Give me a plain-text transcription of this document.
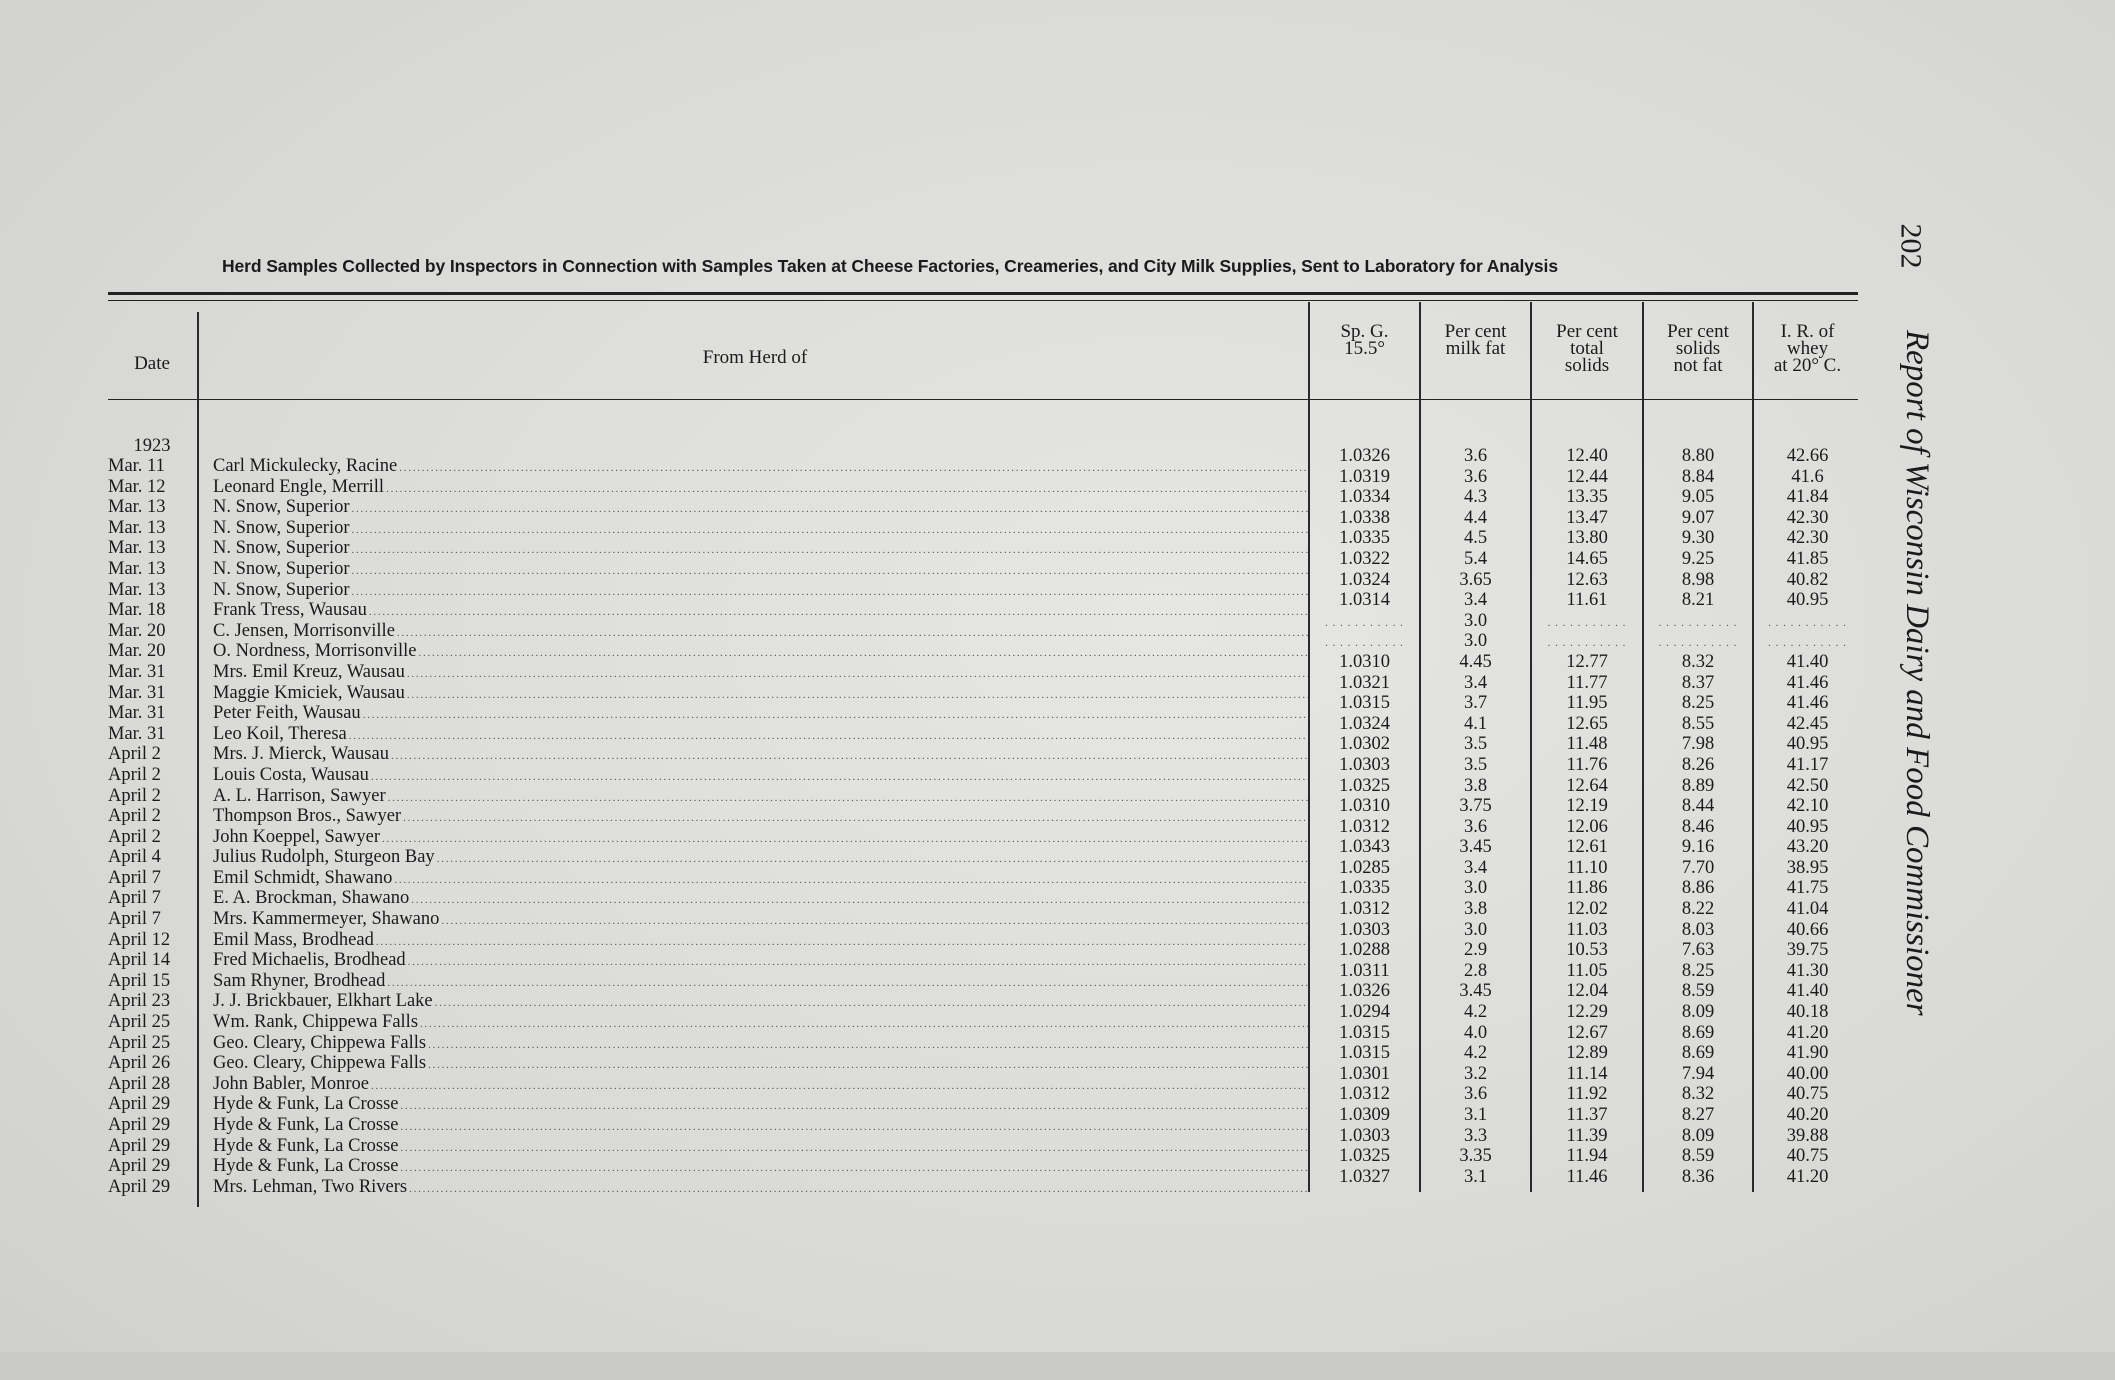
Herd Samples Collected by Inspectors in Connection with Samples Taken at Cheese Factories, Creameries, and City Milk Supplies, Sent to Laboratory for Analysis
Date	From Herd of
Sp. G.
15.5°
Per cent
milk fat
Per cent
total
solids
Per cent
solids
not fat
I. R. of
whey
at 20° C.
1923
Mar. 11
Mar. 12
Mar. 13
Mar. 13
Mar. 13
Mar. 13
Mar. 13
Mar. 18
Mar. 20
Mar. 20
Mar. 31
Mar. 31
Mar. 31
Mar. 31
April 2
April 2
April 2
April 2
April 2
April 4
April 7
April 7
April 7
April 12
April 14
April 15
April 23
April 25
April 25
April 26
April 28
April 29
April 29
April 29
April 29
April 29
Carl Mickulecky, Racine . . .
Leonard Engle, Merrill . . .
N. Snow, Superior . . .
N. Snow, Superior . . .
N. Snow, Superior . . .
N. Snow, Superior . . .
N. Snow, Superior . . .
Frank Tress, Wausau . . .
C. Jensen, Morrisonville . . .
O. Nordness, Morrisonville . . .
Mrs. Emil Kreuz, Wausau . . .
Maggie Kmiciek, Wausau . . .
Peter Feith, Wausau . . .
Leo Koil, Theresa . . .
Mrs. J. Mierck, Wausau . . .
Louis Costa, Wausau . . .
A. L. Harrison, Sawyer . . .
Thompson Bros., Sawyer . . .
John Koeppel, Sawyer . . .
Julius Rudolph, Sturgeon Bay . . .
Emil Schmidt, Shawano . . .
E. A. Brockman, Shawano . . .
Mrs. Kammermeyer, Shawano . . .
Emil Mass, Brodhead . . .
Fred Michaelis, Brodhead . . .
Sam Rhyner, Brodhead . . .
J. J. Brickbauer, Elkhart Lake . . .
Wm. Rank, Chippewa Falls . . .
Geo. Cleary, Chippewa Falls . . .
Geo. Cleary, Chippewa Falls . . .
John Babler, Monroe . . .
Hyde & Funk, La Crosse . . .
Hyde & Funk, La Crosse . . .
Hyde & Funk, La Crosse . . .
Hyde & Funk, La Crosse . . .
Mrs. Lehman, Two Rivers . . .
1.0326
1.0319
1.0334
1.0338
1.0335
1.0322
1.0324
1.0314
. . . . . . . . . . .
. . . . . . . . . . .
1.0310
1.0321
1.0315
1.0324
1.0302
1.0303
1.0325
1.0310
1.0312
1.0343
1.0285
1.0335
1.0312
1.0303
1.0288
1.0311
1.0326
1.0294
1.0315
1.0315
1.0301
1.0312
1.0309
1.0303
1.0325
1.0327
3.6
3.6
4.3
4.4
4.5
5.4
3.65
3.4
3.0
3.0
4.45
3.4
3.7
4.1
3.5
3.5
3.8
3.75
3.6
3.45
3.4
3.0
3.8
3.0
2.9
2.8
3.45
4.2
4.0
4.2
3.2
3.6
3.1
3.3
3.35
3.1
12.40
12.44
13.35
13.47
13.80
14.65
12.63
11.61
. . . . . . . . . . .
. . . . . . . . . . .
12.77
11.77
11.95
12.65
11.48
11.76
12.64
12.19
12.06
12.61
11.10
11.86
12.02
11.03
10.53
11.05
12.04
12.29
12.67
12.89
11.14
11.92
11.37
11.39
11.94
11.46
8.80
8.84
9.05
9.07
9.30
9.25
8.98
8.21
. . . . . . . . . . .
. . . . . . . . . . .
8.32
8.37
8.25
8.55
7.98
8.26
8.89
8.44
8.46
9.16
7.70
8.86
8.22
8.03
7.63
8.25
8.59
8.09
8.69
8.69
7.94
8.32
8.27
8.09
8.59
8.36
42.66
41.6
41.84
42.30
42.30
41.85
40.82
40.95
. . . . . . . . . . .
. . . . . . . . . . .
41.40
41.46
41.46
42.45
40.95
41.17
42.50
42.10
40.95
43.20
38.95
41.75
41.04
40.66
39.75
41.30
41.40
40.18
41.20
41.90
40.00
40.75
40.20
39.88
40.75
41.20
202
Report of Wisconsin Dairy and Food Commissioner
